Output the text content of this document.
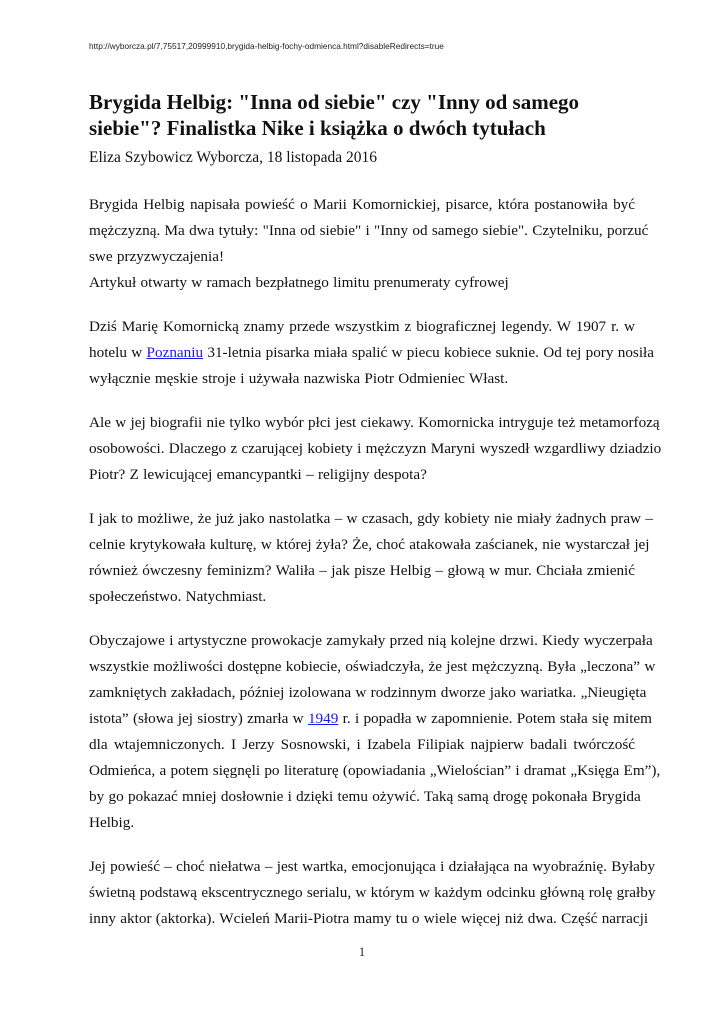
http://wyborcza.pl/7,75517,20999910,brygida-helbig-fochy-odmienca.html?disableRedirects=true
Brygida Helbig: "Inna od siebie" czy "Inny od samego siebie"? Finalistka Nike i książka o dwóch tytułach
Eliza Szybowicz Wyborcza, 18 listopada 2016

Brygida Helbig napisała powieść o Marii Komornickiej, pisarce, która postanowiła być
mężczyzną. Ma dwa tytuły: "Inna od siebie" i "Inny od samego siebie". Czytelniku, porzuć
swe przyzwyczajenia!

Artykuł otwarty w ramach bezpłatnego limitu prenumeraty cyfrowej

Dziś Marię Komornicką znamy przede wszystkim z biograficznej legendy. W 1907 r. w
hotelu w Poznaniu 31-letnia pisarka miała spalić w piecu kobiece suknie. Od tej pory nosiła
wyłącznie męskie stroje i używała nazwiska Piotr Odmieniec Włast.

Ale w jej biografii nie tylko wybór płci jest ciekawy. Komornicka intryguje też metamorfozą
osobowości. Dlaczego z czarującej kobiety i mężczyzn Maryni wyszedł wzgardliwy dziadzio
Piotr? Z lewicującej emancypantki – religijny despota?

I jak to możliwe, że już jako nastolatka – w czasach, gdy kobiety nie miały żadnych praw –
celnie krytykowała kulturę, w której żyła? Że, choć atakowała zaścianek, nie wystarczał jej
również ówczesny feminizm? Waliła – jak pisze Helbig – głową w mur. Chciała zmienić
społeczeństwo. Natychmiast.

Obyczajowe i artystyczne prowokacje zamykały przed nią kolejne drzwi. Kiedy wyczerpała
wszystkie możliwości dostępne kobiecie, oświadczyła, że jest mężczyzną. Była „leczona” w
zamkniętych zakładach, później izolowana w rodzinnym dworze jako wariatka. „Nieugięta
istota” (słowa jej siostry) zmarła w 1949 r. i popadła w zapomnienie. Potem stała się mitem
dla wtajemniczonych. I Jerzy Sosnowski, i Izabela Filipiak najpierw badali twórczość
Odmieńca, a potem sięgnęli po literaturę (opowiadania „Wielościan” i dramat „Księga Em”),
by go pokazać mniej dosłownie i dzięki temu ożywić. Taką samą drogę pokonała Brygida
Helbig.

Jej powieść – choć niełatwa – jest wartka, emocjonująca i działająca na wyobraźnię. Byłaby
świetną podstawą ekscentrycznego serialu, w którym w każdym odcinku główną rolę grałby
inny aktor (aktorka). Wcieleń Marii-Piotra mamy tu o wiele więcej niż dwa. Część narracji

1
